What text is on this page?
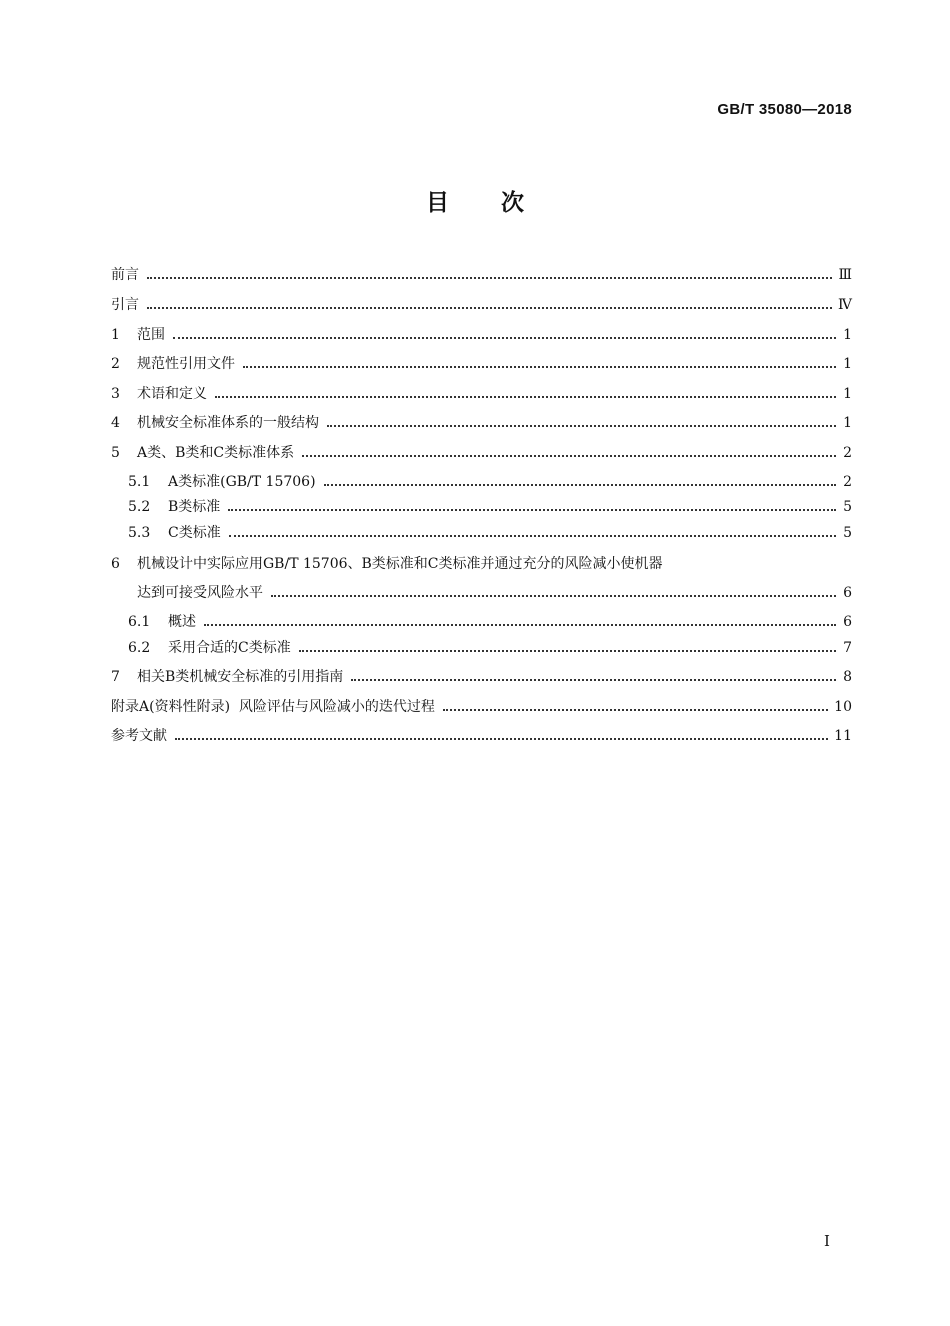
GB/T 35080—2018
目 次
前言	Ⅲ
引言	Ⅳ
1 范围	1
2 规范性引用文件	1
3 术语和定义	1
4 机械安全标准体系的一般结构	1
5 A类、B类和C类标准体系	2
5.1 A类标准(GB/T 15706)	2
5.2 B类标准	5
5.3 C类标准	5
6 机械设计中实际应用GB/T 15706、B类标准和C类标准并通过充分的风险减小使机器
达到可接受风险水平	6
6.1 概述	6
6.2 采用合适的C类标准	7
7 相关B类机械安全标准的引用指南	8
附录A(资料性附录)  风险评估与风险减小的迭代过程	10
参考文献	11
I
